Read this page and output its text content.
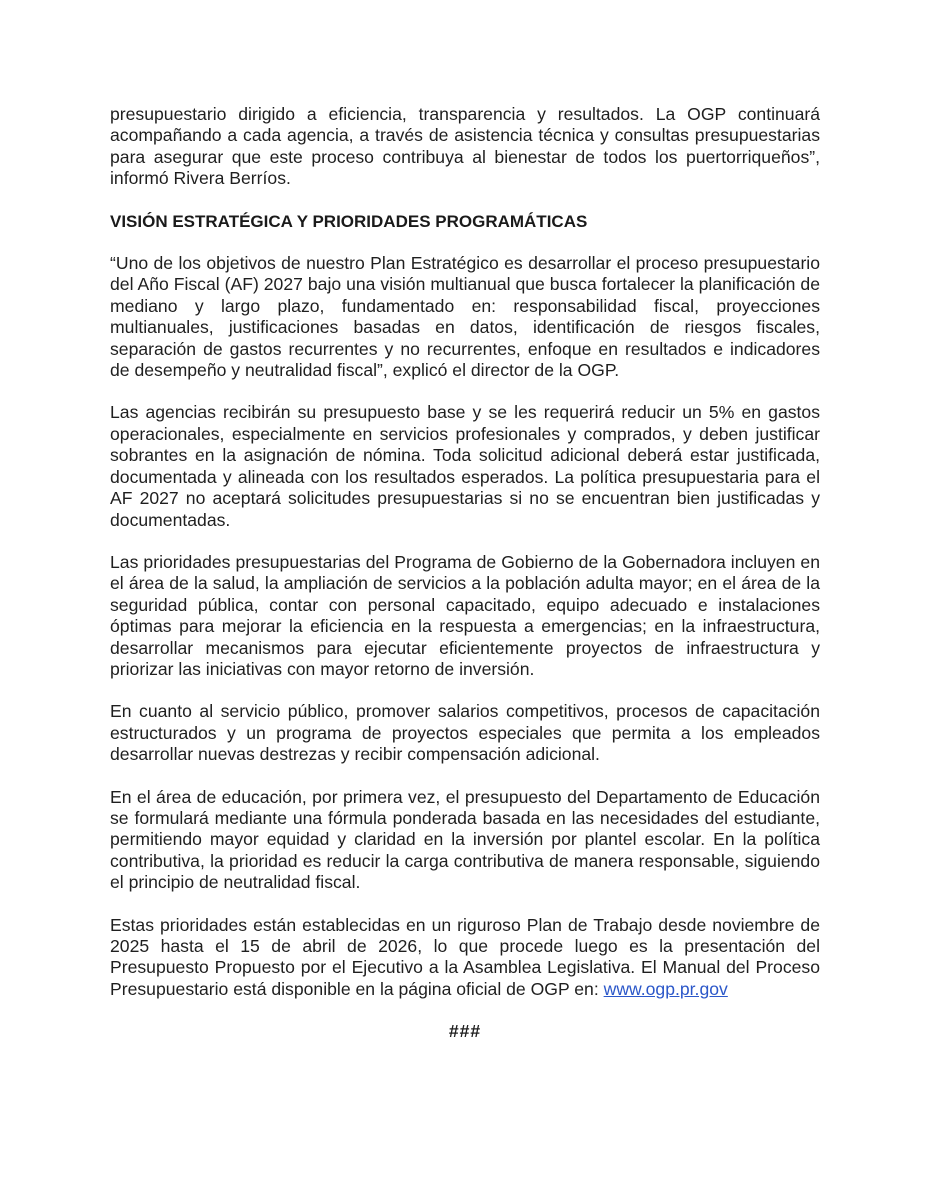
presupuestario dirigido a eficiencia, transparencia y resultados. La OGP continuará acompañando a cada agencia, a través de asistencia técnica y consultas presupuestarias para asegurar que este proceso contribuya al bienestar de todos los puertorriqueños”, informó Rivera Berríos.

VISIÓN ESTRATÉGICA Y PRIORIDADES PROGRAMÁTICAS

“Uno de los objetivos de nuestro Plan Estratégico es desarrollar el proceso presupuestario del Año Fiscal (AF) 2027 bajo una visión multianual que busca fortalecer la planificación de mediano y largo plazo, fundamentado en: responsabilidad fiscal, proyecciones multianuales, justificaciones basadas en datos, identificación de riesgos fiscales, separación de gastos recurrentes y no recurrentes, enfoque en resultados e indicadores de desempeño y neutralidad fiscal”, explicó el director de la OGP.

Las agencias recibirán su presupuesto base y se les requerirá reducir un 5% en gastos operacionales, especialmente en servicios profesionales y comprados, y deben justificar sobrantes en la asignación de nómina. Toda solicitud adicional deberá estar justificada, documentada y alineada con los resultados esperados. La política presupuestaria para el AF 2027 no aceptará solicitudes presupuestarias si no se encuentran bien justificadas y documentadas.

Las prioridades presupuestarias del Programa de Gobierno de la Gobernadora incluyen en el área de la salud, la ampliación de servicios a la población adulta mayor; en el área de la seguridad pública, contar con personal capacitado, equipo adecuado e instalaciones óptimas para mejorar la eficiencia en la respuesta a emergencias; en la infraestructura, desarrollar mecanismos para ejecutar eficientemente proyectos de infraestructura y priorizar las iniciativas con mayor retorno de inversión.

En cuanto al servicio público, promover salarios competitivos, procesos de capacitación estructurados y un programa de proyectos especiales que permita a los empleados desarrollar nuevas destrezas y recibir compensación adicional.

En el área de educación, por primera vez, el presupuesto del Departamento de Educación se formulará mediante una fórmula ponderada basada en las necesidades del estudiante, permitiendo mayor equidad y claridad en la inversión por plantel escolar. En la política contributiva, la prioridad es reducir la carga contributiva de manera responsable, siguiendo el principio de neutralidad fiscal.

Estas prioridades están establecidas en un riguroso Plan de Trabajo desde noviembre de 2025 hasta el 15 de abril de 2026, lo que procede luego es la presentación del Presupuesto Propuesto por el Ejecutivo a la Asamblea Legislativa. El Manual del Proceso Presupuestario está disponible en la página oficial de OGP en: www.ogp.pr.gov

###
